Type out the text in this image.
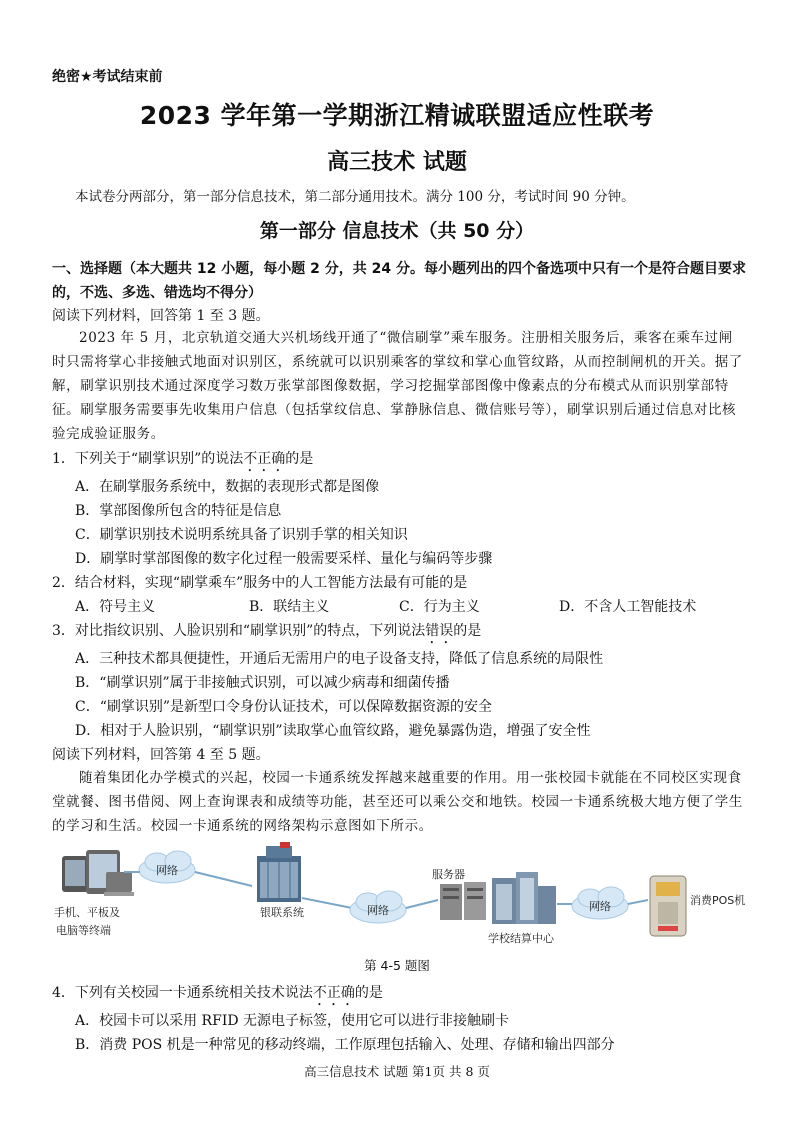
绝密★考试结束前
2023 学年第一学期浙江精诚联盟适应性联考
高三技术 试题
本试卷分两部分，第一部分信息技术，第二部分通用技术。满分 100 分，考试时间 90 分钟。
第一部分 信息技术（共 50 分）
一、选择题（本大题共 12 小题，每小题 2 分，共 24 分。每小题列出的四个备选项中只有一个是符合题目要求的，不选、多选、错选均不得分）
阅读下列材料，回答第 1 至 3 题。
2023 年 5 月，北京轨道交通大兴机场线开通了“微信刷掌”乘车服务。注册相关服务后，乘客在乘车过闸时只需将掌心非接触式地面对识别区，系统就可以识别乘客的掌纹和掌心血管纹路，从而控制闸机的开关。据了解，刷掌识别技术通过深度学习数万张掌部图像数据，学习挖掘掌部图像中像素点的分布模式从而识别掌部特征。刷掌服务需要事先收集用户信息（包括掌纹信息、掌静脉信息、微信账号等），刷掌识别后通过信息对比核验完成验证服务。
1．下列关于“刷掌识别”的说法不正确的是
A．在刷掌服务系统中，数据的表现形式都是图像
B．掌部图像所包含的特征是信息
C．刷掌识别技术说明系统具备了识别手掌的相关知识
D．刷掌时掌部图像的数字化过程一般需要采样、量化与编码等步骤
2．结合材料，实现“刷掌乘车”服务中的人工智能方法最有可能的是
A．符号主义	B．联结主义	C．行为主义	D．不含人工智能技术
3．对比指纹识别、人脸识别和“刷掌识别”的特点，下列说法错误的是
A．三种技术都具便捷性，开通后无需用户的电子设备支持，降低了信息系统的局限性
B．“刷掌识别”属于非接触式识别，可以减少病毒和细菌传播
C．“刷掌识别”是新型口令身份认证技术，可以保障数据资源的安全
D．相对于人脸识别，“刷掌识别”读取掌心血管纹路，避免暴露伪造，增强了安全性
阅读下列材料，回答第 4 至 5 题。
随着集团化办学模式的兴起，校园一卡通系统发挥越来越重要的作用。用一张校园卡就能在不同校区实现食堂就餐、图书借阅、网上查询课表和成绩等功能，甚至还可以乘公交和地铁。校园一卡通系统极大地方便了学生的学习和生活。校园一卡通系统的网络架构示意图如下所示。
手机、平板及
电脑等终端
网络
银联系统	网络
服务器
学校结算中心
网络	消费POS机
第 4-5 题图
4．下列有关校园一卡通系统相关技术说法不正确的是
A．校园卡可以采用 RFID 无源电子标签，使用它可以进行非接触刷卡
B．消费 POS 机是一种常见的移动终端，工作原理包括输入、处理、存储和输出四部分
高三信息技术 试题 第1页 共 8 页
